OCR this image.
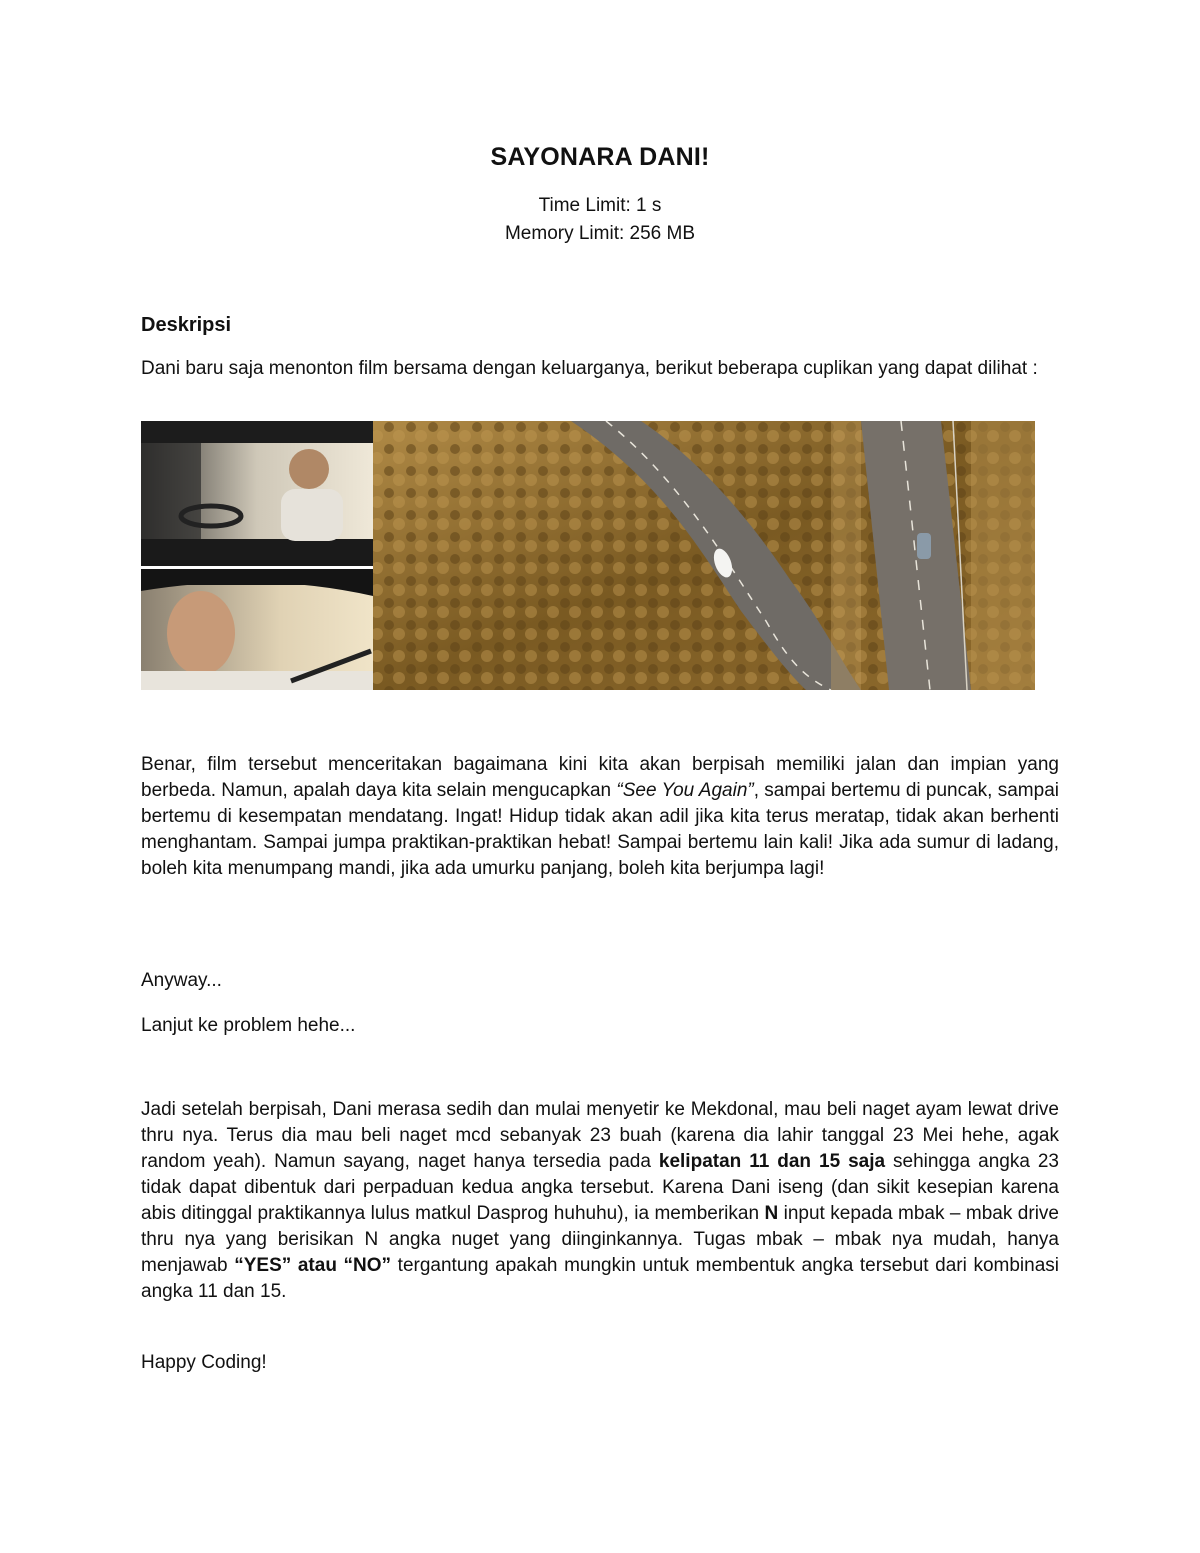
SAYONARA DANI!
Time Limit: 1 s
Memory Limit: 256 MB
Deskripsi

Dani baru saja menonton film bersama dengan keluarganya, berikut beberapa cuplikan yang dapat dilihat :

Benar, film tersebut menceritakan bagaimana kini kita akan berpisah memiliki jalan dan impian yang berbeda. Namun, apalah daya kita selain mengucapkan “See You Again”, sampai bertemu di puncak, sampai bertemu di kesempatan mendatang. Ingat! Hidup tidak akan adil jika kita terus meratap, tidak akan berhenti menghantam. Sampai jumpa praktikan-praktikan hebat! Sampai bertemu lain kali! Jika ada sumur di ladang, boleh kita menumpang mandi, jika ada umurku panjang, boleh kita berjumpa lagi!

Anyway...

Lanjut ke problem hehe...

Jadi setelah berpisah, Dani merasa sedih dan mulai menyetir ke Mekdonal, mau beli naget ayam lewat drive thru nya. Terus dia mau beli naget mcd sebanyak 23 buah (karena dia lahir tanggal 23 Mei hehe, agak random yeah). Namun sayang, naget hanya tersedia pada kelipatan 11 dan 15 saja sehingga angka 23 tidak dapat dibentuk dari perpaduan kedua angka tersebut. Karena Dani iseng (dan sikit kesepian karena abis ditinggal praktikannya lulus matkul Dasprog huhuhu), ia memberikan N input kepada mbak – mbak drive thru nya yang berisikan N angka nuget yang diinginkannya. Tugas mbak – mbak nya mudah, hanya menjawab “YES” atau “NO” tergantung apakah mungkin untuk membentuk angka tersebut dari kombinasi angka 11 dan 15.

Happy Coding!
